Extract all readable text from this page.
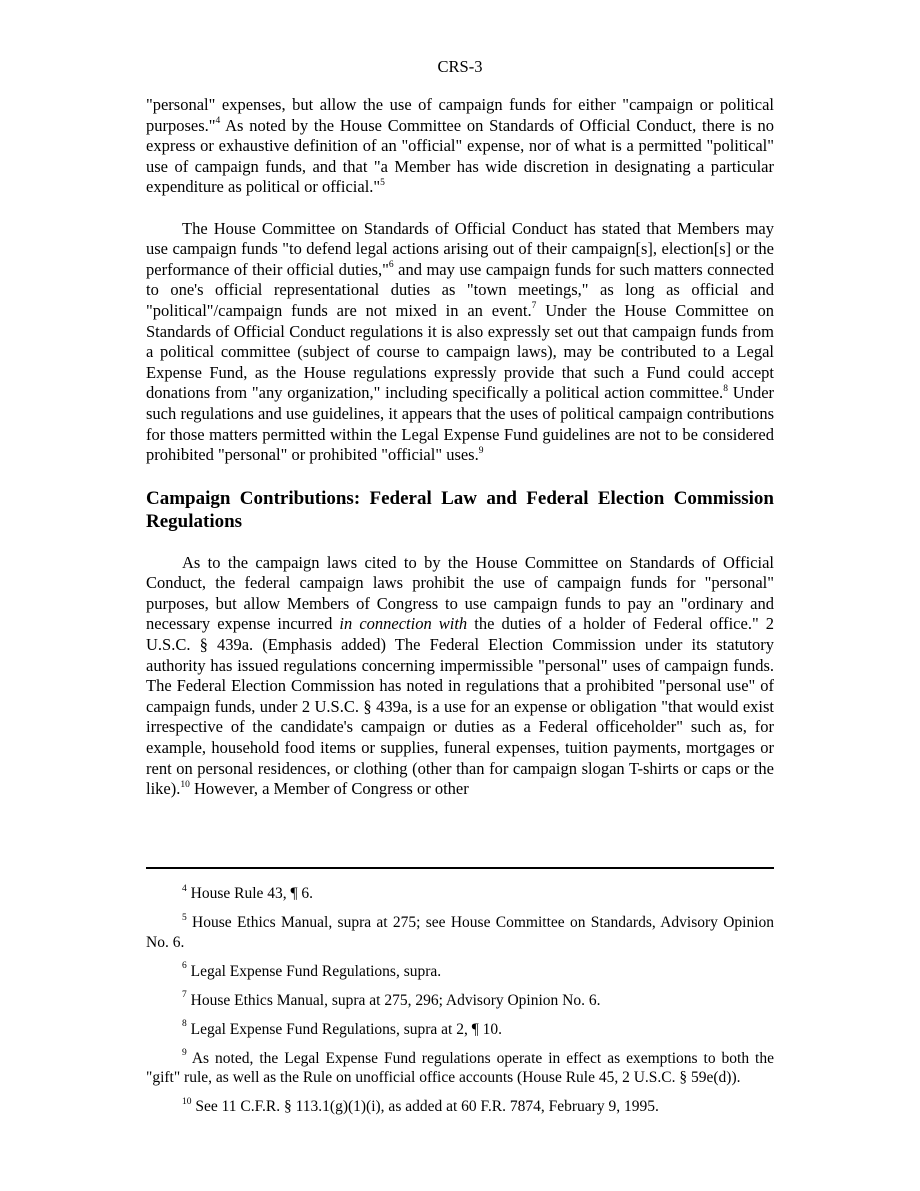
CRS-3

"personal" expenses, but allow the use of campaign funds for either "campaign or political purposes."$^4$ As noted by the House Committee on Standards of Official Conduct, there is no express or exhaustive definition of an "official" expense, nor of what is a permitted "political" use of campaign funds, and that "a Member has wide discretion in designating a particular expenditure as political or official."$^5$

The House Committee on Standards of Official Conduct has stated that Members may use campaign funds "to defend legal actions arising out of their campaign[s], election[s] or the performance of their official duties,"$^6$ and may use campaign funds for such matters connected to one's official representational duties as "town meetings," as long as official and "political"/campaign funds are not mixed in an event.$^7$ Under the House Committee on Standards of Official Conduct regulations it is also expressly set out that campaign funds from a political committee (subject of course to campaign laws), may be contributed to a Legal Expense Fund, as the House regulations expressly provide that such a Fund could accept donations from "any organization," including specifically a political action committee.$^8$ Under such regulations and use guidelines, it appears that the uses of political campaign contributions for those matters permitted within the Legal Expense Fund guidelines are not to be considered prohibited "personal" or prohibited "official" uses.$^9$

Campaign Contributions: Federal Law and Federal Election Commission Regulations

As to the campaign laws cited to by the House Committee on Standards of Official Conduct, the federal campaign laws prohibit the use of campaign funds for "personal" purposes, but allow Members of Congress to use campaign funds to pay an "ordinary and necessary expense incurred in connection with the duties of a holder of Federal office." 2 U.S.C. § 439a. (Emphasis added) The Federal Election Commission under its statutory authority has issued regulations concerning impermissible "personal" uses of campaign funds. The Federal Election Commission has noted in regulations that a prohibited "personal use" of campaign funds, under 2 U.S.C. § 439a, is a use for an expense or obligation "that would exist irrespective of the candidate's campaign or duties as a Federal officeholder" such as, for example, household food items or supplies, funeral expenses, tuition payments, mortgages or rent on personal residences, or clothing (other than for campaign slogan T-shirts or caps or the like).$^{10}$ However, a Member of Congress or other

$^4$ House Rule 43, ¶ 6.

$^5$ House Ethics Manual, supra at 275; see House Committee on Standards, Advisory Opinion No. 6.

$^6$ Legal Expense Fund Regulations, supra.

$^7$ House Ethics Manual, supra at 275, 296; Advisory Opinion No. 6.

$^8$ Legal Expense Fund Regulations, supra at 2, ¶ 10.

$^9$ As noted, the Legal Expense Fund regulations operate in effect as exemptions to both the "gift" rule, as well as the Rule on unofficial office accounts (House Rule 45, 2 U.S.C. § 59e(d)).

$^{10}$ See 11 C.F.R. § 113.1(g)(1)(i), as added at 60 F.R. 7874, February 9, 1995.
